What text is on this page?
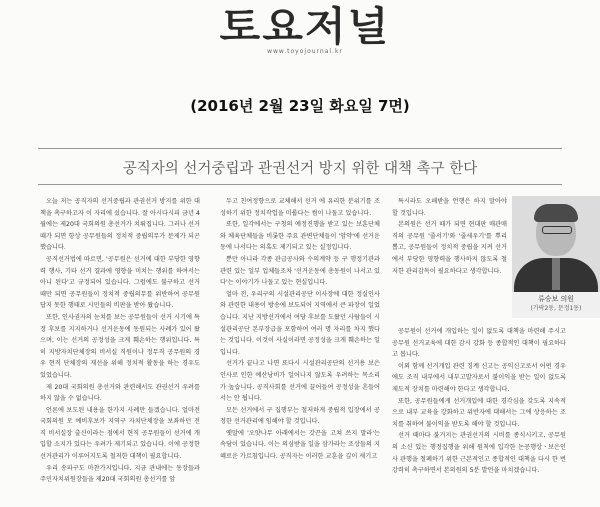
토요저널
www.toyojournal.kr
(2016년 2월 23일 화요일 7면)
공직자의 선거중립과 관권선거 방지 위한 대책 촉구 한다

오늘 저는 공직자의 선거중립과 관권선거 방지를 위한 대책을 촉구하고자 이 자리에 섰습니다. 잘 아시다시피 금년 4월에는 제20대 국회의원 총선거가 치뤄집니다. 그러나 선거 때가 되면 항상 공무원들의 정치적 중립의무가 문제가 되곤 했습니다.

공직선거법에 따르면, '공무원은 선거에 대한 부당한 영향력 행사, 기타 선거 결과에 영향을 미치는 행위를 하여서는 아니 된다'고 규정되어 있습니다. 그럼에도 불구하고 선거 때만 되면 공무원들이 정치적 중립의무를 위반하여 공무원답지 못한 행태로 시민들의 비판을 받아 왔습니다.

또한, 인사권자의 눈치를 보는 공무원들이 선거 시기에 특정 후보를 지지하거나 선거운동에 동원되는 사례가 있어 왔으며, 이는 선거의 공정성을 크게 훼손하는 행위입니다. 특히 지방자치단체장의 비서실 직원이나 정무직 공무원의 경우 현직 단체장의 재선을 위해 정치적 활동을 하는 경우도 있었습니다.

제 20대 국회의원 총선거와 관련해서도 관권선거 우려를 하지 않을 수 없습니다.

언론에 보도된 내용을 한가지 사례만 들겠습니다. 얼마전 국회의원 모 예비후보가 지역구 자치단체장을 보좌하던 전직 비서실장 출신이라는 점에서 현직 공무원들이 선거에 개입할 소지가 있다는 우려가 제기되고 있습니다. 이에 공정한 선거관리가 이루어지도록 철저한 대책이 필요합니다.

우리 송파구도 마찬가지입니다. 지금 관내에는 동장들과 주민자치위원장들을 제20대 국회의원 총선거를 앞

두고 친여정향으로 교체해서 선거 에 유리한 분위기를 조성하기 위한 정치작업을 미룹다는 썸이 나돌고 있습니다.

또한, 일각에서는 구청의 예정진행을 받고 있는 보훈단체와 체육단체들을 비롯한 주요 관변단체들이 '암약'에 선거운동에 나서다는 의혹도 제기되고 있는 실정입니다.

뿐만 아니라 각종 관급공사와 수의계약 등 구 행정기관과 관련 있는 일부 업체들조차 '선거운동에 총동원이 나서고 있다'는 이야기가 나돌고 있는 현실입니다.

얼마 전, 우리구의 시설관리공단 이사장에 대한 정실인사와 관련한 내용이 방송에 보도되어 지역에서 큰 파장이 일었습니다. 지난 지방선거에서 여당 후보를 도왔던 사람들이 시설관리공단 본부장급을 포함하여 여러 명 자리를 차지 했다는 것입니다. 이것이 사실이라면 공정성을 크게 훼손하는 일입니다.

선거가 끝나고 나면 또다시 시설관리공단의 선거용 보은인사로 인한 예산낭비가 일어나지 않도록 우려하는 목소리가 높습니다. 공직사회를 선거에 끌어들여 공정성을 흔들어서는 안 됩니다.

모든 선거에서 구 집행부는 철저하게 중립적 입장에서 공정한 선거관리에 임해야 할 것입니다.

옛말에 '오얏나무 아래에서는 갓끈을 고쳐 쓰지 말라'는 속담이 있습니다. 이는 의심받을 일을 삼가라는 조상들의 지혜로운 가르침입니다. 공직자는 이러한 교훈을 깊이 새기고

특시라도 오해받을 언행은 하지 말아야 할 것입니다.

본의원은 선거 때가 되면 현대판 매관매직의 공무원 '줄서기'와 '줄세우기'를 뿌리뽑고, 공무원들이 정치적 중립을 지켜 선거에서 부당한 영향력을 행사하지 않도록 철저한 관리감독이 필요하다고 생각합니다.

류승보 의원
(가락2동, 문정1동)

공무원이 선거에 개입하는 일이 없도록 대책을 마련해 주시고 공무원 선거교육에 대한 감시 강화 등 종합적인 대책이 필요하다고 봅니다.

이외 함께 선거개입 관련 징계 신고는 공익신고로서 어떤 경우에도 조직 내부에서 내부고발자로서 불이익을 받는 일이 없도록 제도적 장치를 마련해야 한다고 생각합니다.

또한, 공무원들에게 선거개입에 대한 경각심을 갖도록 지속적으로 내부 교육을 강화하고 위반자에 대해서는 그에 상응하는 조치를 취하여 불이익을 받도록 해야 할 것입니다.

선거 때마다 불거지는 관권선거의 시비를 종식시키고, 공무원의 소신 있는 행정집행을 위해 원칙에 입각한 논공행상ㆍ보은인사 관행을 철폐하기 위한 근본적인고 종합적인 대책을 다시 한 번 강력히 촉구하면서 본의원의 5분 발언을 마치겠습니다.
